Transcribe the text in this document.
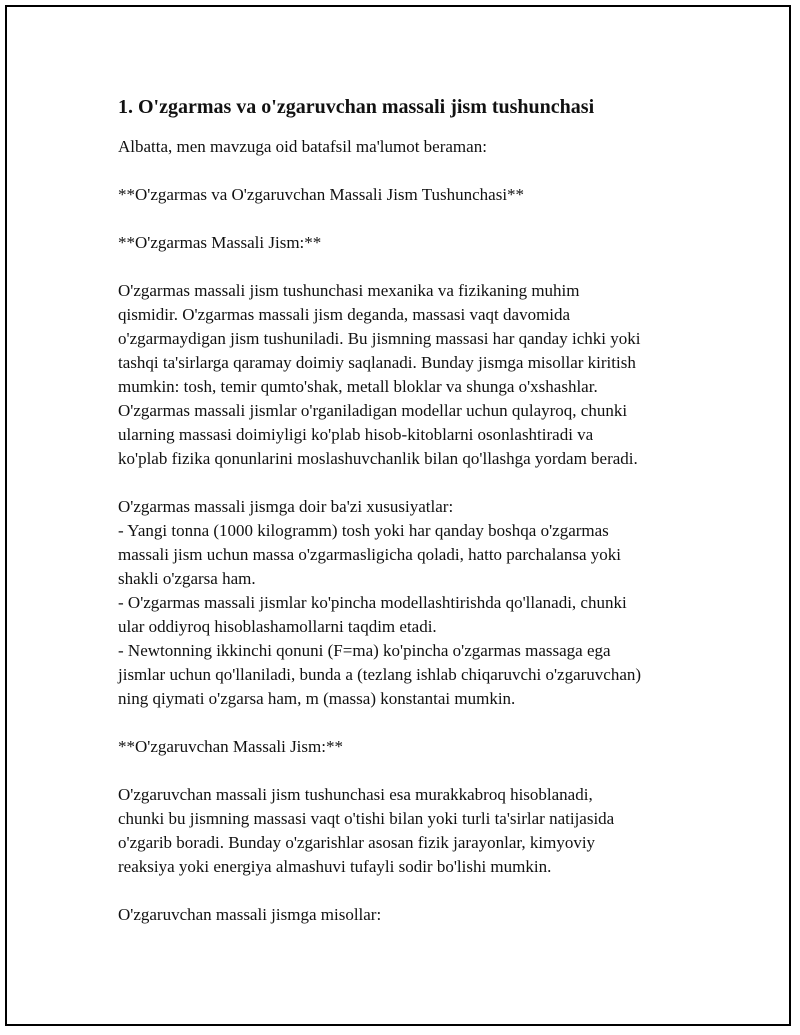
1. O'zgarmas va o'zgaruvchan massali jism tushunchasi

Albatta, men mavzuga oid batafsil ma'lumot beraman:

**O'zgarmas va O'zgaruvchan Massali Jism Tushunchasi**

**O'zgarmas Massali Jism:**

O'zgarmas massali jism tushunchasi mexanika va fizikaning muhim
qismidir. O'zgarmas massali jism deganda, massasi vaqt davomida
o'zgarmaydigan jism tushuniladi. Bu jismning massasi har qanday ichki yoki
tashqi ta'sirlarga qaramay doimiy saqlanadi. Bunday jismga misollar kiritish
mumkin: tosh, temir qumto'shak, metall bloklar va shunga o'xshashlar.
O'zgarmas massali jismlar o'rganiladigan modellar uchun qulayroq, chunki
ularning massasi doimiyligi ko'plab hisob-kitoblarni osonlashtiradi va
ko'plab fizika qonunlarini moslashuvchanlik bilan qo'llashga yordam beradi.

O'zgarmas massali jismga doir ba'zi xususiyatlar:
- Yangi tonna (1000 kilogramm) tosh yoki har qanday boshqa o'zgarmas
massali jism uchun massa o'zgarmasligicha qoladi, hatto parchalansa yoki
shakli o'zgarsa ham.
- O'zgarmas massali jismlar ko'pincha modellashtirishda qo'llanadi, chunki
ular oddiyroq hisoblashamollarni taqdim etadi.
- Newtonning ikkinchi qonuni (F=ma) ko'pincha o'zgarmas massaga ega
jismlar uchun qo'llaniladi, bunda a (tezlang ishlab chiqaruvchi o'zgaruvchan)
ning qiymati o'zgarsa ham, m (massa) konstantai mumkin.

**O'zgaruvchan Massali Jism:**

O'zgaruvchan massali jism tushunchasi esa murakkabroq hisoblanadi,
chunki bu jismning massasi vaqt o'tishi bilan yoki turli ta'sirlar natijasida
o'zgarib boradi. Bunday o'zgarishlar asosan fizik jarayonlar, kimyoviy
reaksiya yoki energiya almashuvi tufayli sodir bo'lishi mumkin.

O'zgaruvchan massali jismga misollar:
